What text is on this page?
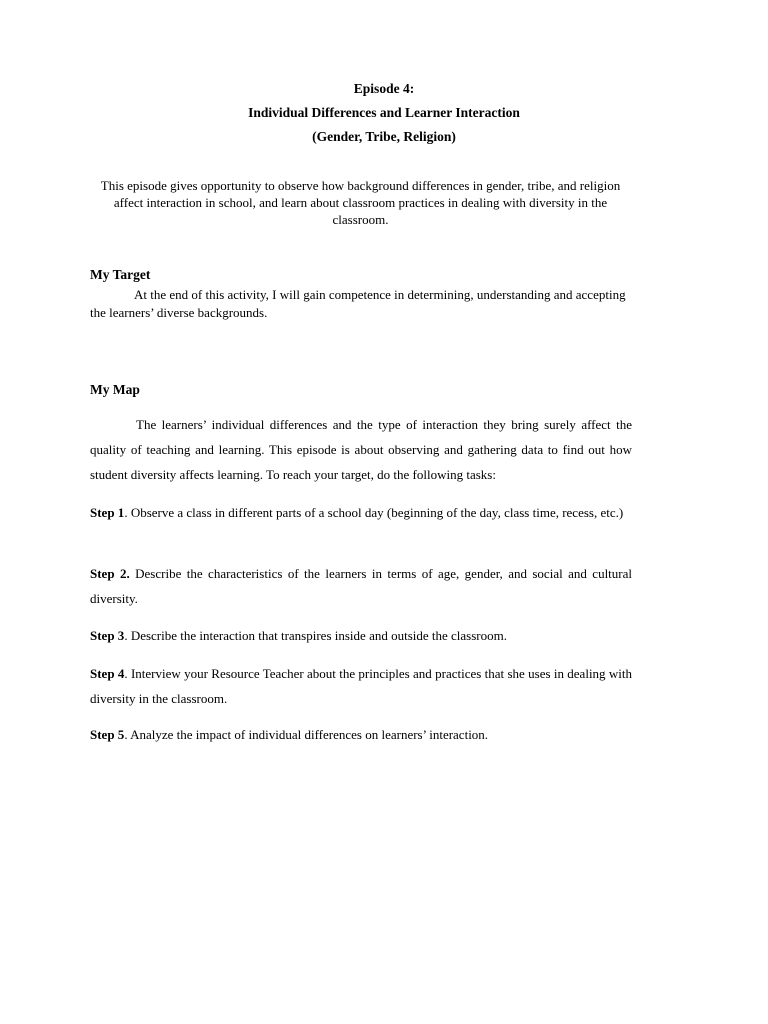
Episode 4:
Individual Differences and Learner Interaction
(Gender, Tribe, Religion)
This episode gives opportunity to observe how background differences in gender, tribe, and religion affect interaction in school, and learn about classroom practices in dealing with diversity in the classroom.
My Target
At the end of this activity, I will gain competence in determining, understanding and accepting the learners’ diverse backgrounds.
My Map
The learners’ individual differences and the type of interaction they bring surely affect the quality of teaching and learning. This episode is about observing and gathering data to find out how student diversity affects learning. To reach your target, do the following tasks:
Step 1. Observe a class in different parts of a school day (beginning of the day, class time, recess, etc.)
Step 2. Describe the characteristics of the learners in terms of age, gender, and social and cultural diversity.
Step 3. Describe the interaction that transpires inside and outside the classroom.
Step 4. Interview your Resource Teacher about the principles and practices that she uses in dealing with diversity in the classroom.
Step 5. Analyze the impact of individual differences on learners’ interaction.
